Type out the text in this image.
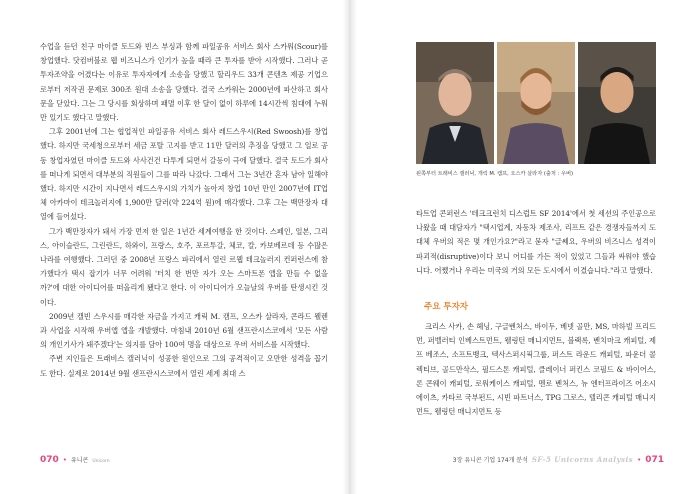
수업을 듣던 친구 마이클 토드와 빈스 부싱과 함께 파일공유 서비스 회사 스카워(Scour)를 창업했다. 닷컴버블로 웹 비즈니스가 인기가 높을 때라 큰 투자를 받아 시작했다. 그러나 곧 투자조약을 어겼다는 이유로 투자자에게 소송을 당했고 할리우드 33개 콘텐츠 제공 기업으로부터 저작권 문제로 300조 원대 소송을 당했다. 결국 스카워는 2000년에 파산하고 회사 문을 닫았다. 그는 그 당시를 회상하며 패멸 이후 한 달이 없이 하루에 14시간씩 침대에 누워만 있기도 했다고 말했다.

그후 2001년에 그는 협업적인 파일공유 서비스 회사 레드스우시(Red Swoosh)를 창업했다. 하지만 국세청으로부터 세금 포탈 고지를 받고 11만 달러의 추징을 당했고 그 일로 공동 창업자였던 마이클 토드와 사사건건 다투게 되면서 갈등이 극에 달했다. 결국 토드가 회사를 떠나게 되면서 대부분의 직원들이 그를 따라 나갔다. 그래서 그는 3년간 혼자 남아 일해야 했다. 하지만 시간이 지나면서 레드스우시의 가치가 높아져 창업 10년 만인 2007년에 IT업체 아카마이 테크놀러지에 1,900만 달러(약 224억 원)에 매각했다. 그후 그는 백만장자 대열에 들어섰다.

그가 백만장자가 돼서 가장 먼저 한 일은 1년간 세계여행을 한 것이다. 스페인, 일본, 그리스, 아이슬란드, 그린란드, 하와이, 프랑스, 호주, 포르투갈, 체코, 칼, 카보베르데 등 수많은 나라를 여행했다. 그러던 중 2008년 프랑스 파리에서 열린 르웹 테크놀러지 컨퍼런스에 참가했다가 택시 잡기가 너무 어려워 '터치 한 번만 자가 오는 스마트폰 앱을 만들 수 없을까?'에 대한 아이디어를 떠올리게 됐다고 한다. 이 아이디어가 오늘날의 우버를 탄생시킨 것이다.

2009년 캘빈 스우시를 매각한 자금을 가지고 캐릭 M. 캠프, 오스카 살라자, 콘라드 웰렌과 사업을 시작해 우버앱 앱을 개발했다. 마침내 2010년 6월 샌프란시스코에서 '모든 사람의 개인기사가 돼주겠다'는 의지를 담아 100여 명을 대상으로 우버 서비스를 시작했다.

주변 지인들은 트래비스 캘러닉이 성공한 원인으로 그의 공격적이고 오만한 성격을 꼽기도 한다. 실제로 2014년 9월 샌프란시스코에서 열린 세계 최대 스

왼쪽부터 트래비스 캘러닉, 개릭 M. 캠프, 오스카 살라자 (출처 : 우버)

타트업 콘퍼런스 '테크크런치 디스럽트 SF 2014'에서 첫 세션의 주인공으로 나왔을 때 대담자가 "택시업계, 자동차 제조사, 리프트 같은 경쟁자들까지 도대체 우버의 적은 몇 개인가요?"라고 묻자 "글쎄요, 우버의 비즈니스 성격이 파괴적(disruptive)이다 보니 어디를 가든 적이 있었고 그들과 싸워야 했습니다. 어쨌거나 우리는 미국의 거의 모든 도시에서 이겼습니다."라고 말했다.

주요 투자자

크리스 사카, 손 헤닝, 구글벤처스, 바이두, 베넷 골만, MS, 마하빌 프리드먼, 퍼벨러티 인베스트먼트, 웰링턴 매니지먼트, 블랙록, 벤치마크 캐피털, 제프 베조스, 소프트뱅크, 텍사스퍼시픽그룹, 퍼스트 라운드 캐피털, 파운더 콜렉티브, 골드만삭스, 필드스톤 캐피털, 클레이너 퍼킨스 코필드 & 바이어스, 론 콘웨이 캐피털, 로워케이스 캐피털, 멘로 벤처스, 뉴 엔터프라이즈 어소시에이츠, 카타르 국부펀드, 시빈 파트너스, TPG 그로스, 텔리콘 캐피털 매니지먼트, 웰링턴 매니지먼트 등

070 • 유니콘 Unicorn	3장 유니콘 기업 174개 분석 SF-5 Unicorns Analysis • 071
